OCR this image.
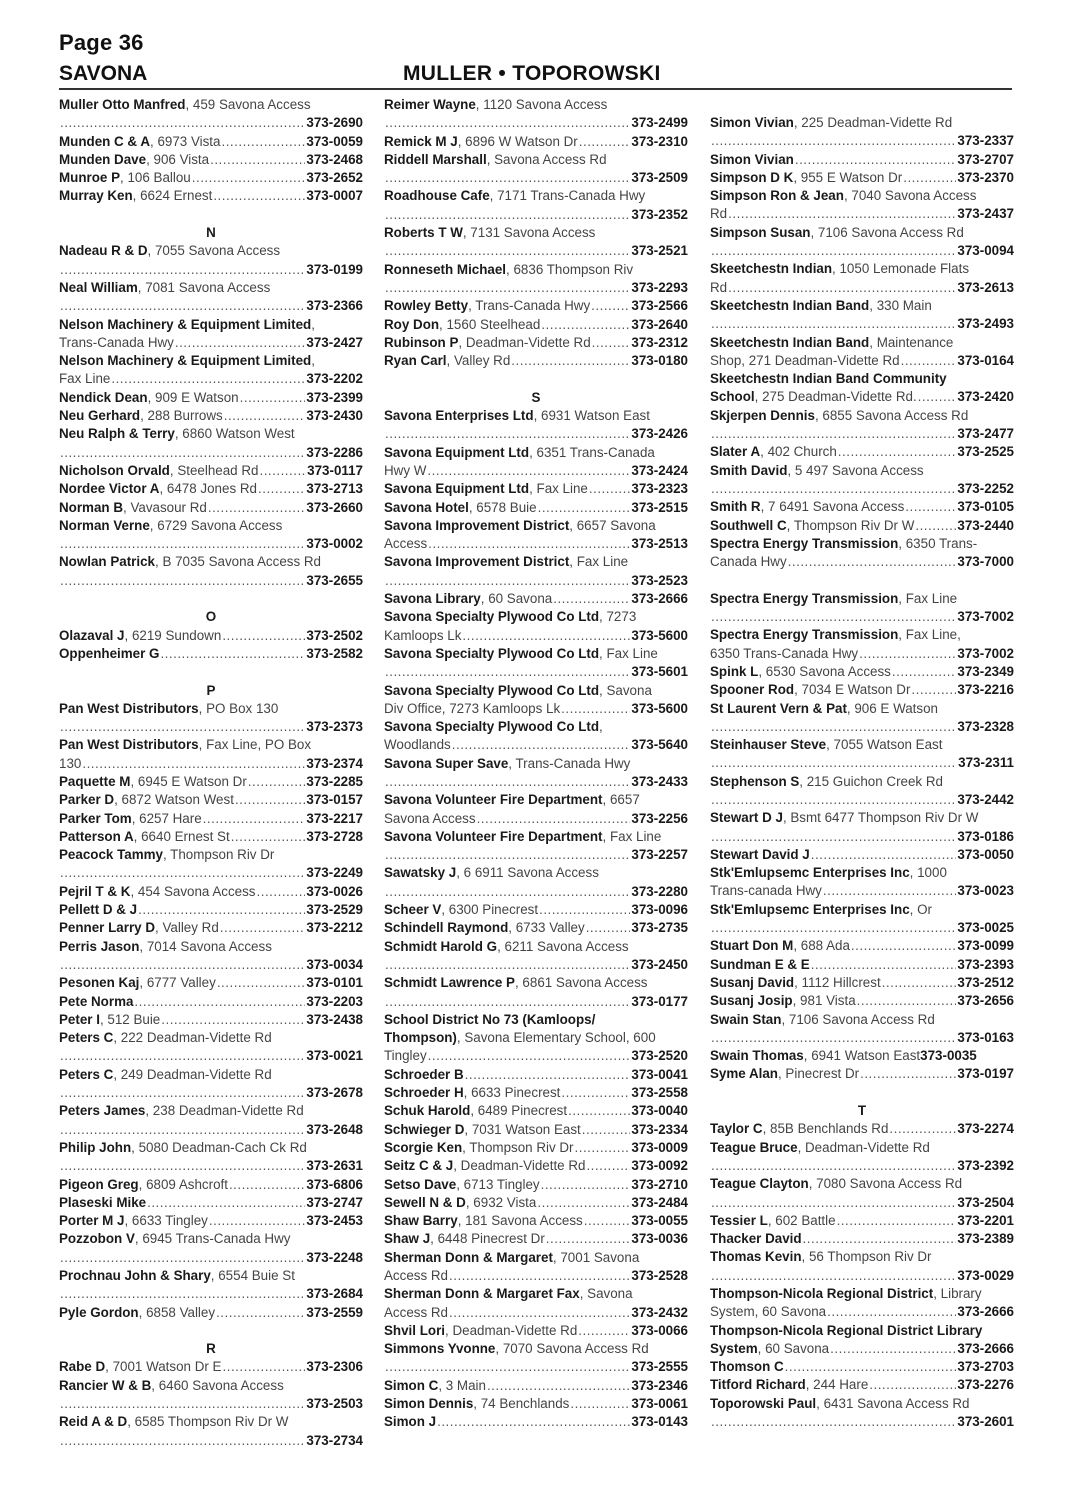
Page 36
SAVONA	MULLER • TOPOROWSKI
Muller Otto Manfred, 459 Savona Access
.....
373-2690
Munden C & A, 6973 Vista .....	373-0059
Munden Dave, 906 Vista .....	373-2468
Munroe P, 106 Ballou .....	373-2652
Murray Ken, 6624 Ernest .....	373-0007
N
Nadeau R & D, 7055 Savona Access
.....
373-0199
Neal William, 7081 Savona Access
.....
373-2366
Nelson Machinery & Equipment Limited,
Trans-Canada Hwy .....	373-2427
Nelson Machinery & Equipment Limited,
Fax Line .....	373-2202
Nendick Dean, 909 E Watson .....	373-2399
Neu Gerhard, 288 Burrows .....	373-2430
Neu Ralph & Terry, 6860 Watson West
.....
373-2286
Nicholson Orvald, Steelhead Rd .....	373-0117
Nordee Victor A, 6478 Jones Rd .....	373-2713
Norman B, Vavasour Rd .....	373-2660
Norman Verne, 6729 Savona Access
.....
373-0002
Nowlan Patrick, B 7035 Savona Access Rd
.....
373-2655
O
Olazaval J, 6219 Sundown .....	373-2502
Oppenheimer G .....	373-2582
P
Pan West Distributors, PO Box 130
.....
373-2373
Pan West Distributors, Fax Line, PO Box
130 .....	373-2374
Paquette M, 6945 E Watson Dr .....	373-2285
Parker D, 6872 Watson West .....	373-0157
Parker Tom, 6257 Hare .....	373-2217
Patterson A, 6640 Ernest St .....	373-2728
Peacock Tammy, Thompson Riv Dr
.....
373-2249
Pejril T & K, 454 Savona Access .....	373-0026
Pellett D & J .....	373-2529
Penner Larry D, Valley Rd .....	373-2212
Perris Jason, 7014 Savona Access
.....
373-0034
Pesonen Kaj, 6777 Valley .....	373-0101
Pete Norma .....	373-2203
Peter I, 512 Buie .....	373-2438
Peters C, 222 Deadman-Vidette Rd
.....
373-0021
Peters C, 249 Deadman-Vidette Rd
.....
373-2678
Peters James, 238 Deadman-Vidette Rd
.....
373-2648
Philip John, 5080 Deadman-Cach Ck Rd
.....
373-2631
Pigeon Greg, 6809 Ashcroft .....	373-6806
Plaseski Mike .....	373-2747
Porter M J, 6633 Tingley .....	373-2453
Pozzobon V, 6945 Trans-Canada Hwy
.....
373-2248
Prochnau John & Shary, 6554 Buie St
.....
373-2684
Pyle Gordon, 6858 Valley .....	373-2559
R
Rabe D, 7001 Watson Dr E .....	373-2306
Rancier W & B, 6460 Savona Access
.....
373-2503
Reid A & D, 6585 Thompson Riv Dr W
.....
373-2734
Reimer Wayne, 1120 Savona Access
.....
373-2499
Remick M J, 6896 W Watson Dr .....	373-2310
Riddell Marshall, Savona Access Rd
.....
373-2509
Roadhouse Cafe, 7171 Trans-Canada Hwy
.....
373-2352
Roberts T W, 7131 Savona Access
.....
373-2521
Ronneseth Michael, 6836 Thompson Riv
.....
373-2293
Rowley Betty, Trans-Canada Hwy .....	373-2566
Roy Don, 1560 Steelhead .....	373-2640
Rubinson P, Deadman-Vidette Rd .....	373-2312
Ryan Carl, Valley Rd .....	373-0180
S
Savona Enterprises Ltd, 6931 Watson East
.....
373-2426
Savona Equipment Ltd, 6351 Trans-Canada
Hwy W .....	373-2424
Savona Equipment Ltd, Fax Line .....	373-2323
Savona Hotel, 6578 Buie .....	373-2515
Savona Improvement District, 6657 Savona
Access .....	373-2513
Savona Improvement District, Fax Line
.....
373-2523
Savona Library, 60 Savona .....	373-2666
Savona Specialty Plywood Co Ltd, 7273
Kamloops Lk .....	373-5600
Savona Specialty Plywood Co Ltd, Fax Line
.....
373-5601
Savona Specialty Plywood Co Ltd, Savona
Div Office, 7273 Kamloops Lk .....	373-5600
Savona Specialty Plywood Co Ltd,
Woodlands .....	373-5640
Savona Super Save, Trans-Canada Hwy
.....
373-2433
Savona Volunteer Fire Department, 6657
Savona Access .....	373-2256
Savona Volunteer Fire Department, Fax Line
.....
373-2257
Sawatsky J, 6 6911 Savona Access
.....
373-2280
Scheer V, 6300 Pinecrest .....	373-0096
Schindell Raymond, 6733 Valley .....	373-2735
Schmidt Harold G, 6211 Savona Access
.....
373-2450
Schmidt Lawrence P, 6861 Savona Access
.....
373-0177
School District No 73 (Kamloops/
Thompson), Savona Elementary School, 600
Tingley .....	373-2520
Schroeder B .....	373-0041
Schroeder H, 6633 Pinecrest .....	373-2558
Schuk Harold, 6489 Pinecrest .....	373-0040
Schwieger D, 7031 Watson East .....	373-2334
Scorgie Ken, Thompson Riv Dr .....	373-0009
Seitz C & J, Deadman-Vidette Rd .....	373-0092
Setso Dave, 6713 Tingley .....	373-2710
Sewell N & D, 6932 Vista .....	373-2484
Shaw Barry, 181 Savona Access .....	373-0055
Shaw J, 6448 Pinecrest Dr .....	373-0036
Sherman Donn & Margaret, 7001 Savona
Access Rd .....	373-2528
Sherman Donn & Margaret Fax, Savona
Access Rd .....	373-2432
Shvil Lori, Deadman-Vidette Rd .....	373-0066
Simmons Yvonne, 7070 Savona Access Rd
.....
373-2555
Simon C, 3 Main .....	373-2346
Simon Dennis, 74 Benchlands .....	373-0061
Simon J .....	373-0143
Simon Vivian, 225 Deadman-Vidette Rd
.....
373-2337
Simon Vivian .....	373-2707
Simpson D K, 955 E Watson Dr .....	373-2370
Simpson Ron & Jean, 7040 Savona Access
Rd .....	373-2437
Simpson Susan, 7106 Savona Access Rd
.....
373-0094
Skeetchestn Indian, 1050 Lemonade Flats
Rd .....	373-2613
Skeetchestn Indian Band, 330 Main
.....
373-2493
Skeetchestn Indian Band, Maintenance
Shop, 271 Deadman-Vidette Rd .....	373-0164
Skeetchestn Indian Band Community
School, 275 Deadman-Vidette Rd. .....	373-2420
Skjerpen Dennis, 6855 Savona Access Rd
.....
373-2477
Slater A, 402 Church .....	373-2525
Smith David, 5 497 Savona Access
.....
373-2252
Smith R, 7 6491 Savona Access .....	373-0105
Southwell C, Thompson Riv Dr W .....	373-2440
Spectra Energy Transmission, 6350 Trans-
Canada Hwy .....	373-7000
Spectra Energy Transmission, Fax Line
.....
373-7002
Spectra Energy Transmission, Fax Line,
6350 Trans-Canada Hwy .....	373-7002
Spink L, 6530 Savona Access .....	373-2349
Spooner Rod, 7034 E Watson Dr .....	373-2216
St Laurent Vern & Pat, 906 E Watson
.....
373-2328
Steinhauser Steve, 7055 Watson East
.....
373-2311
Stephenson S, 215 Guichon Creek Rd
.....
373-2442
Stewart D J, Bsmt 6477 Thompson Riv Dr W
.....
373-0186
Stewart David J .....	373-0050
Stk'Emlupsemc Enterprises Inc, 1000
Trans-canada Hwy .....	373-0023
Stk'Emlupsemc Enterprises Inc, Or
.....
373-0025
Stuart Don M, 688 Ada .....	373-0099
Sundman E & E .....	373-2393
Susanj David, 1112 Hillcrest .....	373-2512
Susanj Josip, 981 Vista .....	373-2656
Swain Stan, 7106 Savona Access Rd
.....
373-0163
Swain Thomas, 6941 Watson East 373-0035
Syme Alan, Pinecrest Dr .....	373-0197
T
Taylor C, 85B Benchlands Rd .....	373-2274
Teague Bruce, Deadman-Vidette Rd
.....
373-2392
Teague Clayton, 7080 Savona Access Rd
.....
373-2504
Tessier L, 602 Battle .....	373-2201
Thacker David .....	373-2389
Thomas Kevin, 56 Thompson Riv Dr
.....
373-0029
Thompson-Nicola Regional District, Library
System, 60 Savona .....	373-2666
Thompson-Nicola Regional District Library
System, 60 Savona .....	373-2666
Thomson C .....	373-2703
Titford Richard, 244 Hare .....	373-2276
Toporowski Paul, 6431 Savona Access Rd
.....
373-2601
